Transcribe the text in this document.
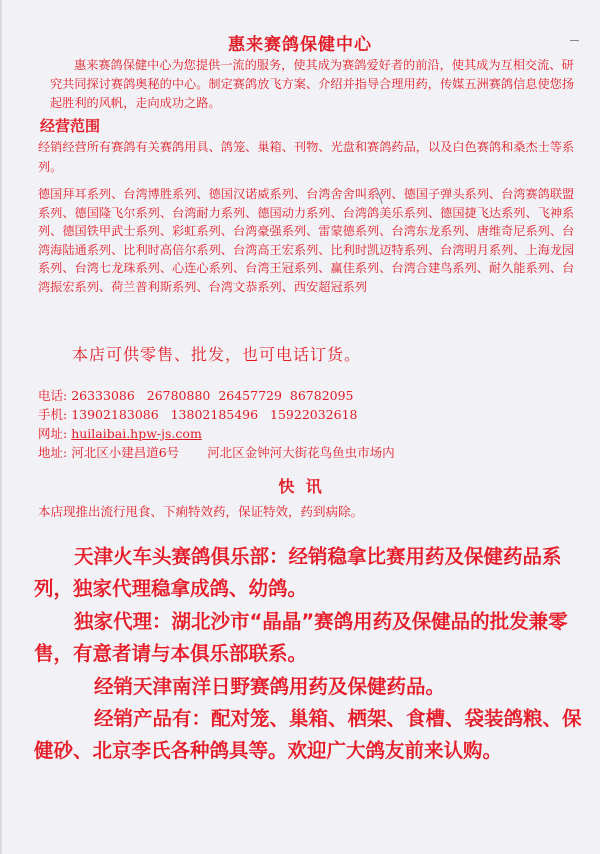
惠来赛鸽保健中心
惠来赛鸽保健中心为您提供一流的服务，使其成为赛鸽爱好者的前沿，使其成为互相交流、研究共同探讨赛鸽奥秘的中心。制定赛鸽放飞方案、介绍并指导合理用药，传媒五洲赛鸽信息使您扬起胜利的风帆，走向成功之路。
经营范围
经销经营所有赛鸽有关赛鸽用具、鸽笼、巢箱、刊物、光盘和赛鸽药品，以及白色赛鸽和桑杰士等系列。
德国拜耳系列、台湾博胜系列、德国汉诺威系列、台湾舍舍叫系列、德国子弹头系列、台湾赛鸽联盟系列、德国隆飞尔系列、台湾耐力系列、德国动力系列、台湾鸽美乐系列、德国捷飞达系列、飞神系列、德国铁甲武士系列、彩虹系列、台湾豪强系列、雷蒙德系列、台湾东龙系列、唐维奇尼系列、台湾海陆通系列、比利时高倍尔系列、台湾高王宏系列、比利时凯迈特系列、台湾明月系列、上海龙园系列、台湾七龙珠系列、心连心系列、台湾王冠系列、赢佳系列、台湾合建鸟系列、耐久能系列、台湾振宏系列、荷兰普利斯系列、台湾文恭系列、西安超冠系列
本店可供零售、批发，也可电话订货。
电话: 26333086   26780880  26457729  86782095
手机: 13902183086   13802185496   15922032618
网址: huilaibai.hpw-js.com
地址: 河北区小建昌道6号 河北区金钟河大街花鸟鱼虫市场内
快  讯
本店现推出流行甩食、下痢特效药，保证特效，药到病除。

天津火车头赛鸽俱乐部：经销稳拿比赛用药及保健药品系列，独家代理稳拿成鸽、幼鸽。

独家代理：湖北沙市“晶晶”赛鸽用药及保健品的批发兼零售，有意者请与本俱乐部联系。

经销天津南洋日野赛鸽用药及保健药品。

经销产品有：配对笼、巢箱、栖架、食槽、袋装鸽粮、保健砂、北京李氏各种鸽具等。欢迎广大鸽友前来认购。
